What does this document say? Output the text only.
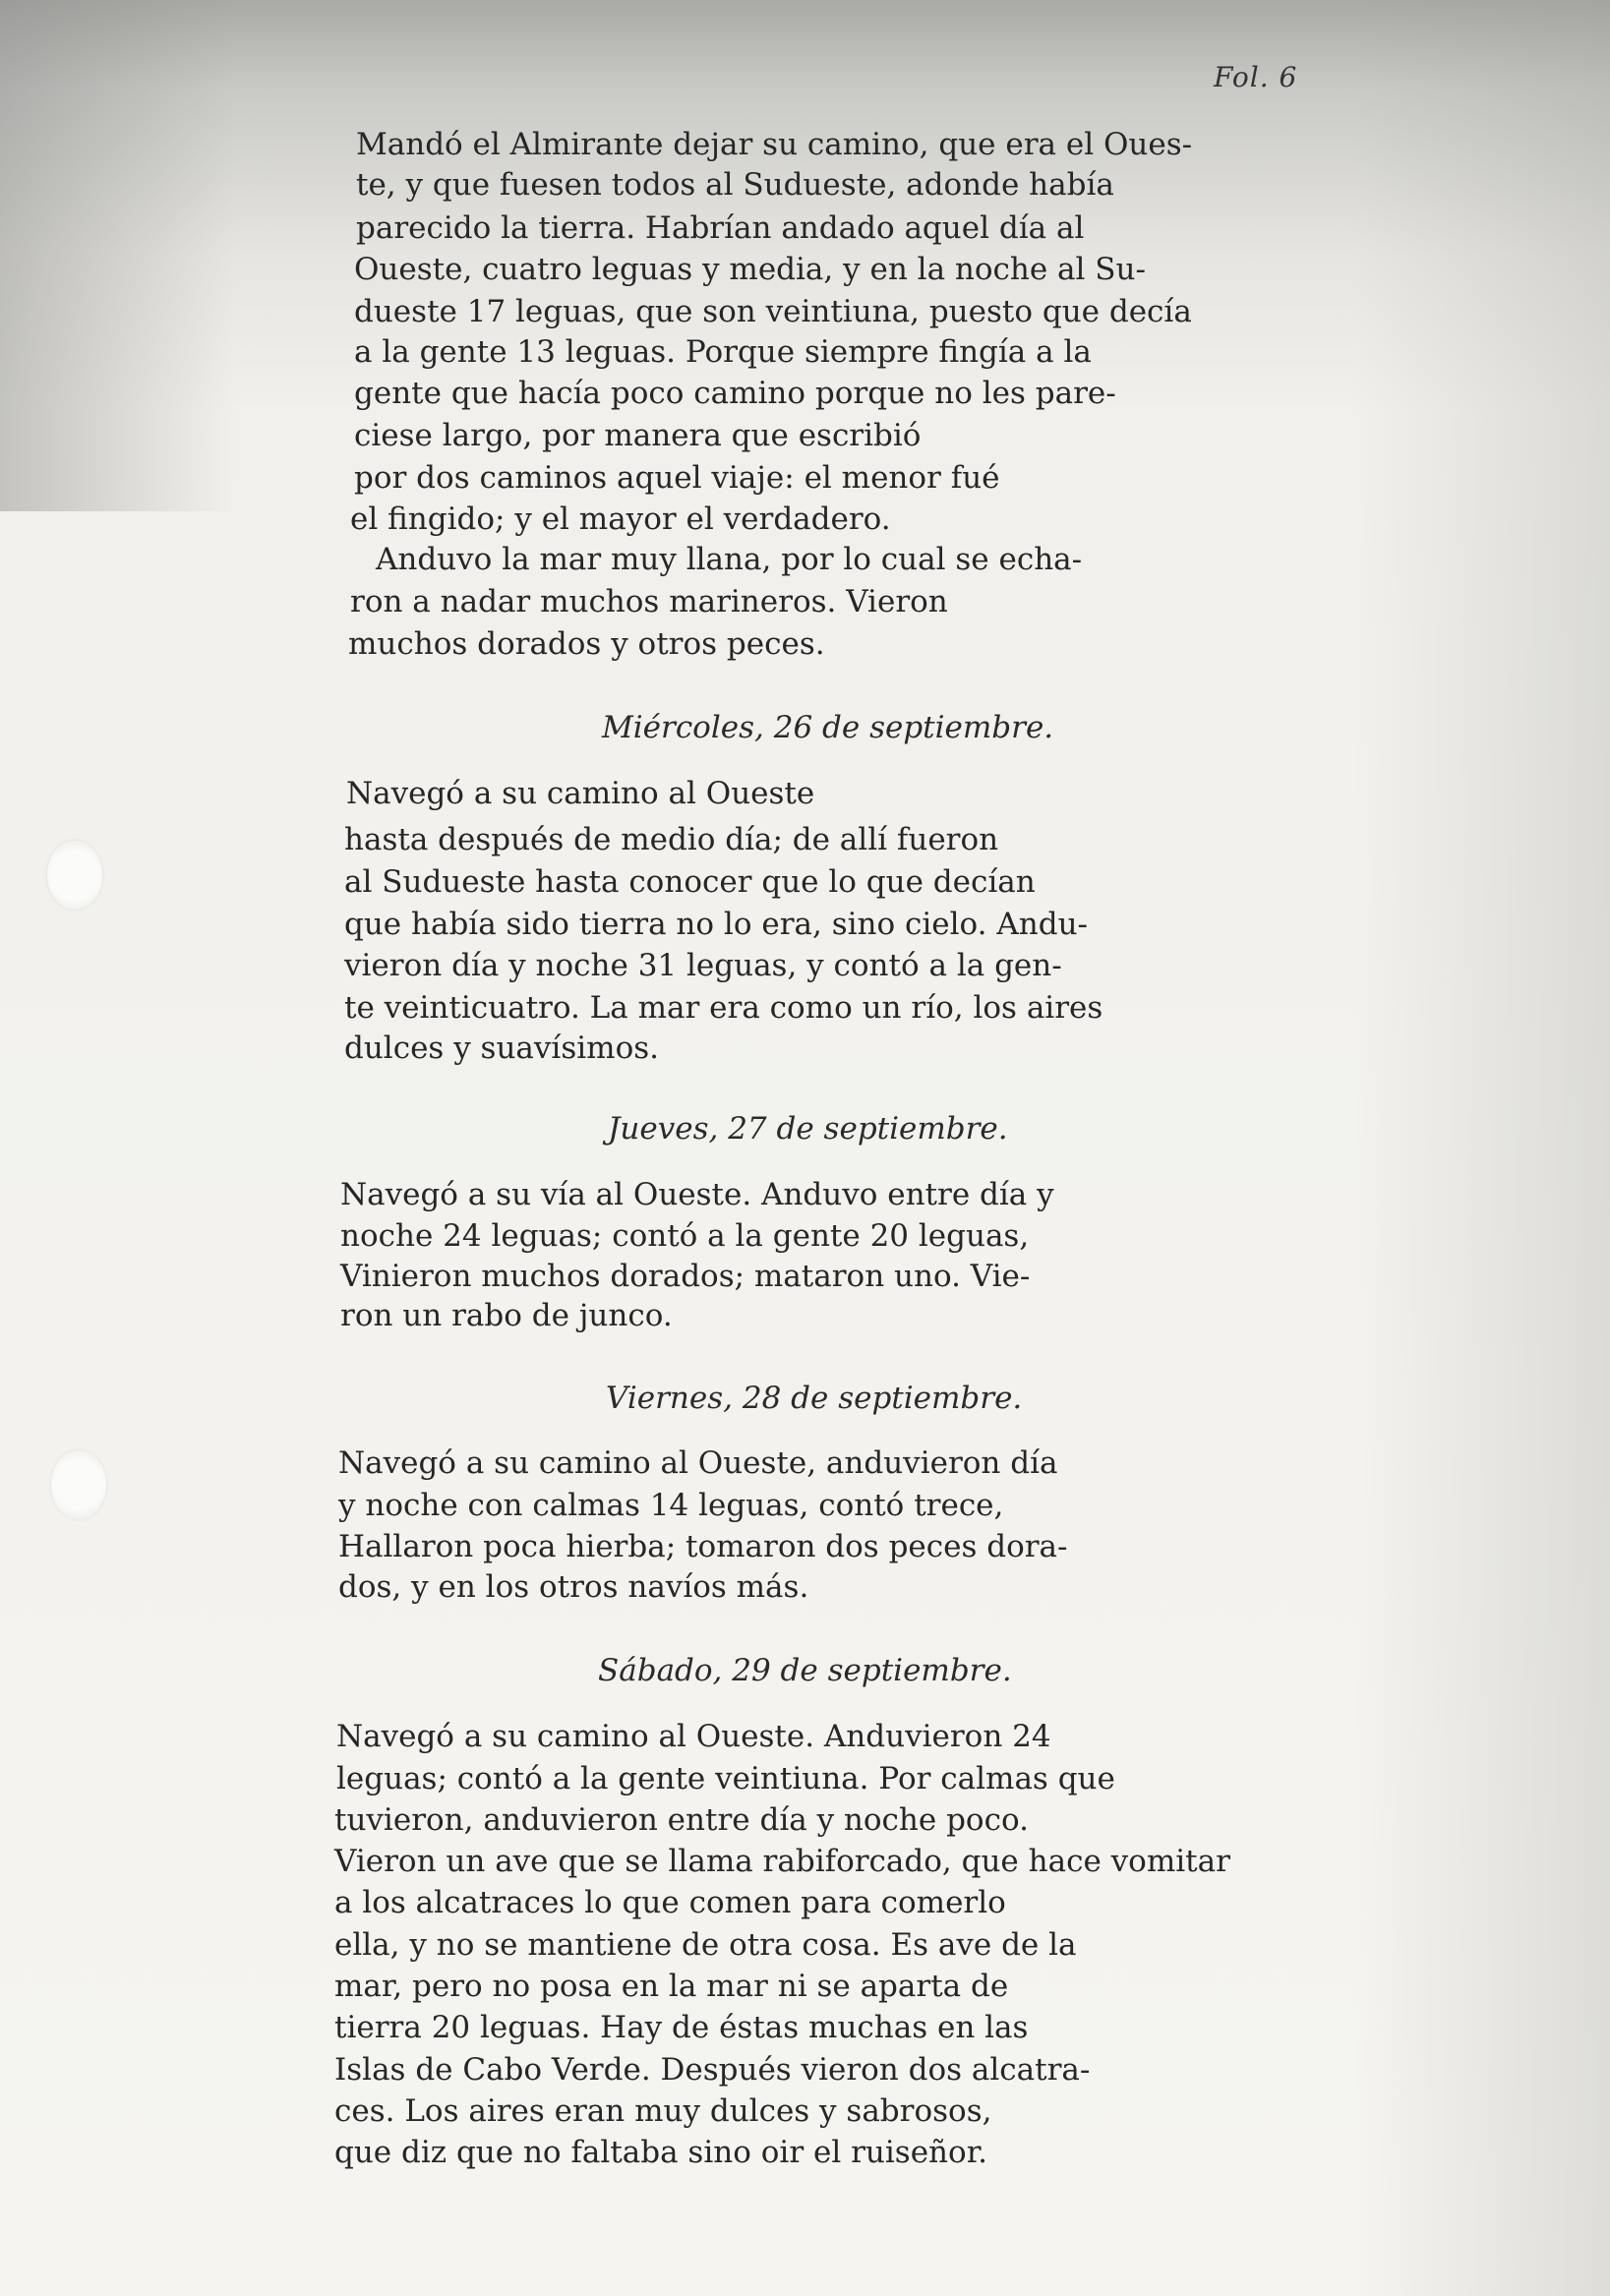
Fol. 6
Mandó el Almirante dejar su camino, que era el Oues-
te, y que fuesen todos al Sudueste, adonde había
parecido la tierra. Habrían andado aquel día al
Oueste, cuatro leguas y media, y en la noche al Su-
dueste 17 leguas, que son veintiuna, puesto que decía
a la gente 13 leguas. Porque siempre fingía a la
gente que hacía poco camino porque no les pare-
ciese largo, por manera que escribió
por dos caminos aquel viaje: el menor fué
el fingido; y el mayor el verdadero.
Anduvo la mar muy llana, por lo cual se echa-
ron a nadar muchos marineros. Vieron
muchos dorados y otros peces.
Miércoles, 26 de septiembre.
Navegó a su camino al Oueste
hasta después de medio día; de allí fueron
al Sudueste hasta conocer que lo que decían
que había sido tierra no lo era, sino cielo. Andu-
vieron día y noche 31 leguas, y contó a la gen-
te veinticuatro. La mar era como un río, los aires
dulces y suavísimos.
Jueves, 27 de septiembre.
Navegó a su vía al Oueste. Anduvo entre día y
noche 24 leguas; contó a la gente 20 leguas,
Vinieron muchos dorados; mataron uno. Vie-
ron un rabo de junco.
Viernes, 28 de septiembre.
Navegó a su camino al Oueste, anduvieron día
y noche con calmas 14 leguas, contó trece,
Hallaron poca hierba; tomaron dos peces dora-
dos, y en los otros navíos más.
Sábado, 29 de septiembre.
Navegó a su camino al Oueste. Anduvieron 24
leguas; contó a la gente veintiuna. Por calmas que
tuvieron, anduvieron entre día y noche poco.
Vieron un ave que se llama rabiforcado, que hace vomitar
a los alcatraces lo que comen para comerlo
ella, y no se mantiene de otra cosa. Es ave de la
mar, pero no posa en la mar ni se aparta de
tierra 20 leguas. Hay de éstas muchas en las
Islas de Cabo Verde. Después vieron dos alcatra-
ces. Los aires eran muy dulces y sabrosos,
que diz que no faltaba sino oir el ruiseñor.
